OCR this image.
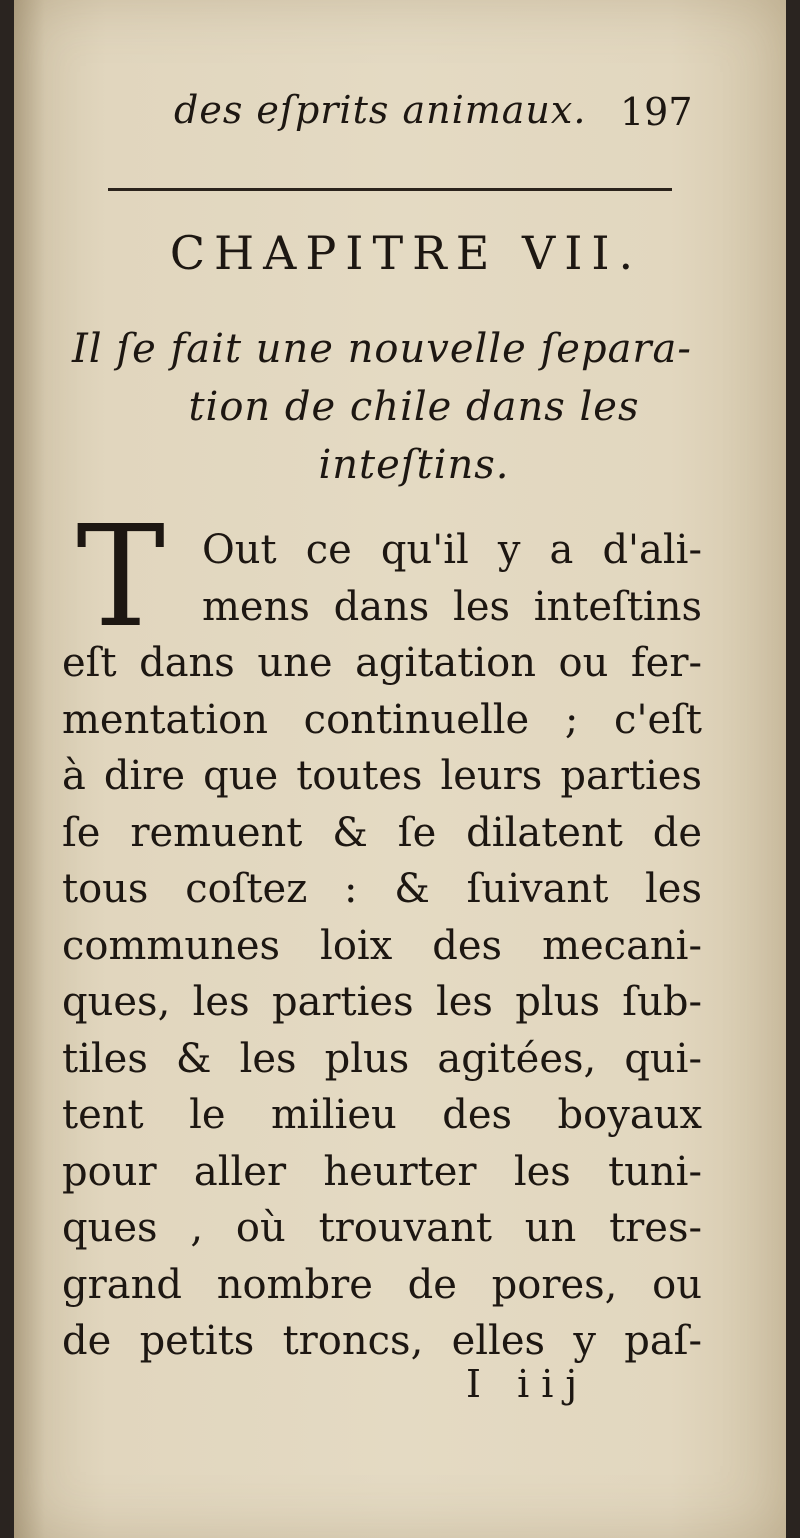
des eſprits animaux. 197
CHAPITRE VII.
Il ſe fait une nouvelle ſepara-
tion de chile dans les
inteſtins.
T Out ce qu'il y a d'ali-
mens dans les inteſtins
eſt dans une agitation ou fer-
mentation continuelle ; c'eſt
à dire que toutes leurs parties
ſe remuent & ſe dilatent de
tous coſtez : & ſuivant les
communes loix des mecani-
ques, les parties les plus ſub-
tiles & les plus agitées, qui-
tent le milieu des boyaux
pour aller heurter les tuni-
ques , où trouvant un tres-
grand nombre de pores, ou
de petits troncs, elles y paſ-
I iij
